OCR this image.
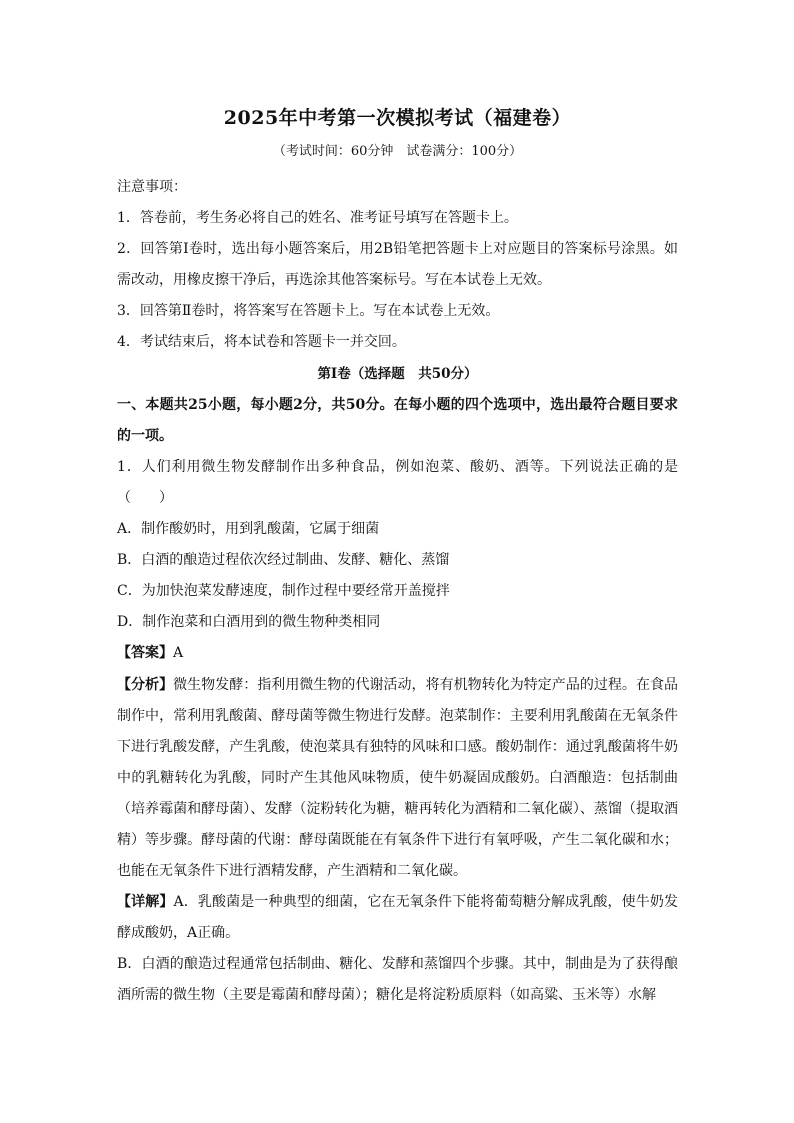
2025年中考第一次模拟考试（福建卷）
（考试时间：60分钟　试卷满分：100分）
注意事项：
1．答卷前，考生务必将自己的姓名、准考证号填写在答题卡上。
2．回答第Ⅰ卷时，选出每小题答案后，用2B铅笔把答题卡上对应题目的答案标号涂黑。如需改动，用橡皮擦干净后，再选涂其他答案标号。写在本试卷上无效。
3．回答第Ⅱ卷时，将答案写在答题卡上。写在本试卷上无效。
4．考试结束后，将本试卷和答题卡一并交回。
第Ⅰ卷（选择题　共50分）
一、本题共25小题，每小题2分，共50分。在每小题的四个选项中，选出最符合题目要求的一项。
1．人们利用微生物发酵制作出多种食品，例如泡菜、酸奶、酒等。下列说法正确的是（　　）
A．制作酸奶时，用到乳酸菌，它属于细菌
B．白酒的酿造过程依次经过制曲、发酵、糖化、蒸馏
C．为加快泡菜发酵速度，制作过程中要经常开盖搅拌
D．制作泡菜和白酒用到的微生物种类相同
【答案】A
【分析】微生物发酵：指利用微生物的代谢活动，将有机物转化为特定产品的过程。在食品制作中，常利用乳酸菌、酵母菌等微生物进行发酵。泡菜制作：主要利用乳酸菌在无氧条件下进行乳酸发酵，产生乳酸，使泡菜具有独特的风味和口感。酸奶制作：通过乳酸菌将牛奶中的乳糖转化为乳酸，同时产生其他风味物质，使牛奶凝固成酸奶。白酒酿造：包括制曲（培养霉菌和酵母菌）、发酵（淀粉转化为糖，糖再转化为酒精和二氧化碳）、蒸馏（提取酒精）等步骤。酵母菌的代谢：酵母菌既能在有氧条件下进行有氧呼吸，产生二氧化碳和水；也能在无氧条件下进行酒精发酵，产生酒精和二氧化碳。
【详解】A．乳酸菌是一种典型的细菌，它在无氧条件下能将葡萄糖分解成乳酸，使牛奶发酵成酸奶，A正确。
B．白酒的酿造过程通常包括制曲、糖化、发酵和蒸馏四个步骤。其中，制曲是为了获得酿酒所需的微生物（主要是霉菌和酵母菌）；糖化是将淀粉质原料（如高粱、玉米等）水解
